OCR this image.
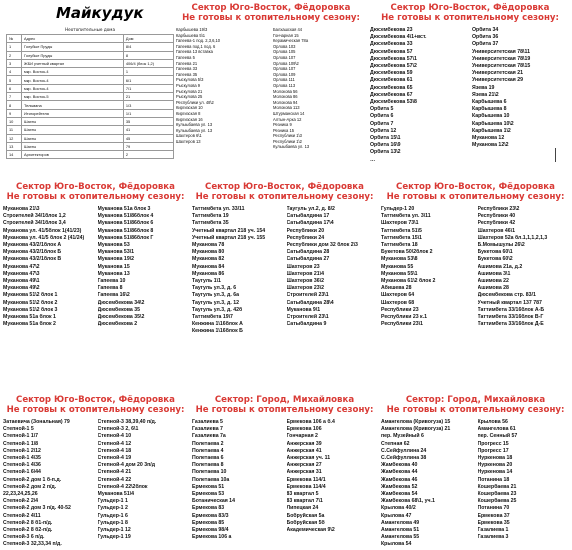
Майкудук
Неотопительные дома
№	Адрес	Дом
1	Голубые Пруды	8/4
2	Голубые Пруды	8
3	ЖБИ учетный квартал	406/4 (блок 1,2)
4	мкр. Восток-4	1
5	мкр. Восток-4	6/1
6	мкр. Восток-4	7/1
7	мкр. Восток-5	21
8	Тельмана	1/3
9	Итигорейтеля	1/1
10	Шахты	35
11	Шахты	41
12	Шахты	45
13	Шахты	79
14	Архитекторов	2
Сектор Юго-Восток, Фёдоровка
Не готовы к отопительному сезону:
Карбышева 19\3
Карбышева 5\1
Гапеева-1 под. 2,3,6,10
Гапеева под.1 под. 6
Гапеева 13 вставка
Гапеева 5
Гапеева 21
Гапеева 33
Гапеева 35
Рыскулова 5\3
Рыскулова 9
Рыскулова 21
Рыскулова 25
Республики ул. 48\2
Киргизская 10
Киргизская 8
Киргизская 16
Кулыыбаева ул. 13
Кулыыбаева ул. 13
Шахтеров 6\1
Шахтеров 13
Балхашская 44
Гончарная 15
Керамическая 78а
Орлова 103
Орлова 105
Орлова 107
Орлова 109\2
Орлова 107
Орлова 109
Орлова 111
Орлова 113
Молокова 56
Молокова 86
Молокова 94
Молокова 113
Штурманская 14
Алтын-Арка 12
Резника 9
Резника 15
Республики 1\3
Республики 1\2
Кулыыбаева ул. 13
Сектор Юго-Восток, Фёдоровка
Не готовы к отопительному сезону:
Дюсембекова 23
Дюсембекова 4\1+вст.
Дюсембекова 33
Дюсембекова 57
Дюсембекова 57\1
Дюсембекова 57\2
Дюсембекова 59
Дюсембекова 61
Дюсембекова 65
Дюсембекова 67
Дюсембекова 53\8
Орбита 5
Орбита 6
Орбита 7
Орбита 12
Орбита 15\1
Орбита 16\9
Орбита 13\2
…
Орбита 34
Орбита 36
Орбита 37
Университетская 78\11
Университетская 78\19
Университетская 78\15
Университетская 21
Университетская 29
Язева 19
Язева 21\2
Карбышева 6
Карбышева 8
Карбышева 10
Карбышева 10\2
Карбышева 1\2
Муканова 12
Муканова 12\2
Сектор Юго-Восток, Фёдоровка
Не готовы к отопительному сезону:
Муканова 21\3
Строителей 34/1блок 1,2
Строителей 34/1блок 3,4
Муканова ул. 41/5блок 1(41/23)
Муканова ул. 41/5 блок 2 (41/24)
Муканова 43/2/1блок А
Муканова 43/2/1блок Б
Муканова 43/2/1блок В
Муканова 47\2
Муканова 47\3
Муканова 49\1
Муканова 49\2
Муканова 51\2 блок 1
Муканова 51\2 блок 2
Муканова 51\2 блок 3
Муканова 51а блок 1
Муканова 51а блок 2
Муканова 51а блок 3
Муканова 51\86блок 4
Муканова 51\86блок 6
Муканова 51\86блок 8
Муканова 51\86блок Г
Муканова 53
Муканова 53\1
Муканова 19\2
Муканова 15
Муканова 13
Гапеева 10
Гапеева 8
Гапеева 16\2
Дюсембекова 34\2
Дюсембекова 35
Дюсембекова 35\2
Дюсембекова 2
Сектор Юго-Восток, Фёдоровка
Не готовы к отопительному сезону:
Таттимбета ул. 33/11
Таттимбета 19
Таттимбета 35
Учетный квартал 218 уч. 154
Учетный квартал 218 уч. 155
Муканова 78
Муканова 80
Муканова 82
Муканова 84
Муканова 86
Таугуль 1\1
Таугуль ул.3, д. 6
Таугуль ул.3, д. 6а
Таугуль ул.3, д. 12
Таугуль ул.3, д. 42б
Таттимбета 19\7
Кенжина 1\16блок А
Кенжина 1\16блок Б
Таугуль ул.2, д. 8/2
Сатыбалдина 17
Сатыбалдина 17\4
Республики 20
Республики 24
Республики дом 32 блок 2\3
Сатыбалдина 28
Сатыбалдина 27
Шахтеров 23
Шахтеров 21\4
Шахтеров 36\2
Шахтеров 23\2
Строителей 23\1
Сатыбалдина 28\4
Муканова 9\1
Строителей 23\1
Сатыбалдина 9
Сектор Юго-Восток, Фёдоровка
Не готовы к отопительному сезону:
Гульдер-1 20
Таттимбета ул. 3\11
Шахтеров 73\1
Таттимбета 51\5
Таттимбета 15\1
Таттимбета 18
Букетова 50\2блок 2
Муканова 53\8
Муканова 55
Муканова 55\1
Муканова 61\2 блок 2
Абишева 28
Шахтеров 64
Шахтеров 68
Республики 23
Республики 23 к.1
Республики 23\1
Республики 23\2
Республики 40
Республики 42
Шахтеров 46\1
Шахтеров 52а бл.1,1,1,2,1,3
Б.Момышулы 26\2
Букетова 60\1
Букетова 60\2
Ашимова 21а, д.2
Ашимова 3\1
Ашимова 22
Ашимова 28
Дюсембекова стр. 83/1
Учетный квартал 137 787
Таттимбета 33/16блок А-Б
Таттимбета 33/16блок В-Г
Таттимбета 33/16блок Д-Е
Сектор Юго-Восток, Фёдоровка
Не готовы к отопительному сезону:
Затаевича (Зональная) 79
Степной-1 5
Степной-1 1\7
Степной-1 1\8
Степной-1 2\12
Степной-1 4\35
Степной-1 4\36
Степной-1 6\44
Степной-2 дом 1 б-п.д.
Степной-2 дом 2 п/д.
22,23,24,25,26
Степной-2 2\4
Степной-2 дом 3 п/д. 40-52
Степной-2 4\11
Степной-2 8 б1-п/д.
Степной-2 8 б2-п/д.
Степной-3 6 п/д.
Степной-3 32,33,34 п/д.
Степной-3 38,39,40 п/д.
Степной-3 2, 6\1
Степной-4 10
Степной-4 12
Степной-4 18
Степной-4 19
Степной-4 дом 20 3п/д
Степной-4 21
Степной-4 22
Степной-4 22\2блок
Муканова 51\4
Гульдер-1 1
Гульдер-1 2
Гульдер-1 6
Гульдер-1 8
Гульдер-1 12
Гульдер-1 19
Сектор: Город, Михайловка
Не готовы к отопительному сезону:
Газалиева 5
Газалиева 7
Газалиева 7а
Полетаева 2
Полетаева 4
Полетаева 6
Полетаева 8
Полетаева 10
Полетаева 10а
Ермекова 51
Ермекова 53
Ботаническая 14
Ермекова 83
Ермекова 83/3
Ермекова 85
Ермекова 98/4
Ермекова 106 а
Ермекова 106 а б.4
Ермекова 106
Гончарная 2
Анжерская 39
Анжерская 41
Анжерская уч. 11
Анжерская 27
Анжерская 31
Ермекова 114/1
Ермекова 114/4
83 квартал 5
83 квартал 7\1
Липецкая 24
Бобруйская 5а
Бобруйская 5б
Академическая 9\2
Сектор: Город, Михайловка
Не готовы к отопительному сезону:
Амангелова (Кривогуза) 15
Амангелова (Кривогуза) 21
пер. Музейный 6
Степная 62
С.Сейфуллина 24
С.Сейфуллина 38
Жамбекова 40
Жамбекова 44
Жамбекова 46
Жамбекова 52
Жамбекова 54
Жамбекова 68\1, уч.1
Крылова 40/2
Крылова 47
Амангелова 49
Амангелова 51
Амангелова 55
Крылова 54
Крылова 56
Амангелова 61
пер. Сенный 57
Прогресс 15
Прогресс 17
Нуркенова 18
Нуркенова 20
Нуркенова 14
Потанина 18
Кошербаева 21
Кошербаева 23
Кошербаева 25
Потанина 70
Ермекова 37
Ермекова 35
Газалиева 1
Газалиева 3
